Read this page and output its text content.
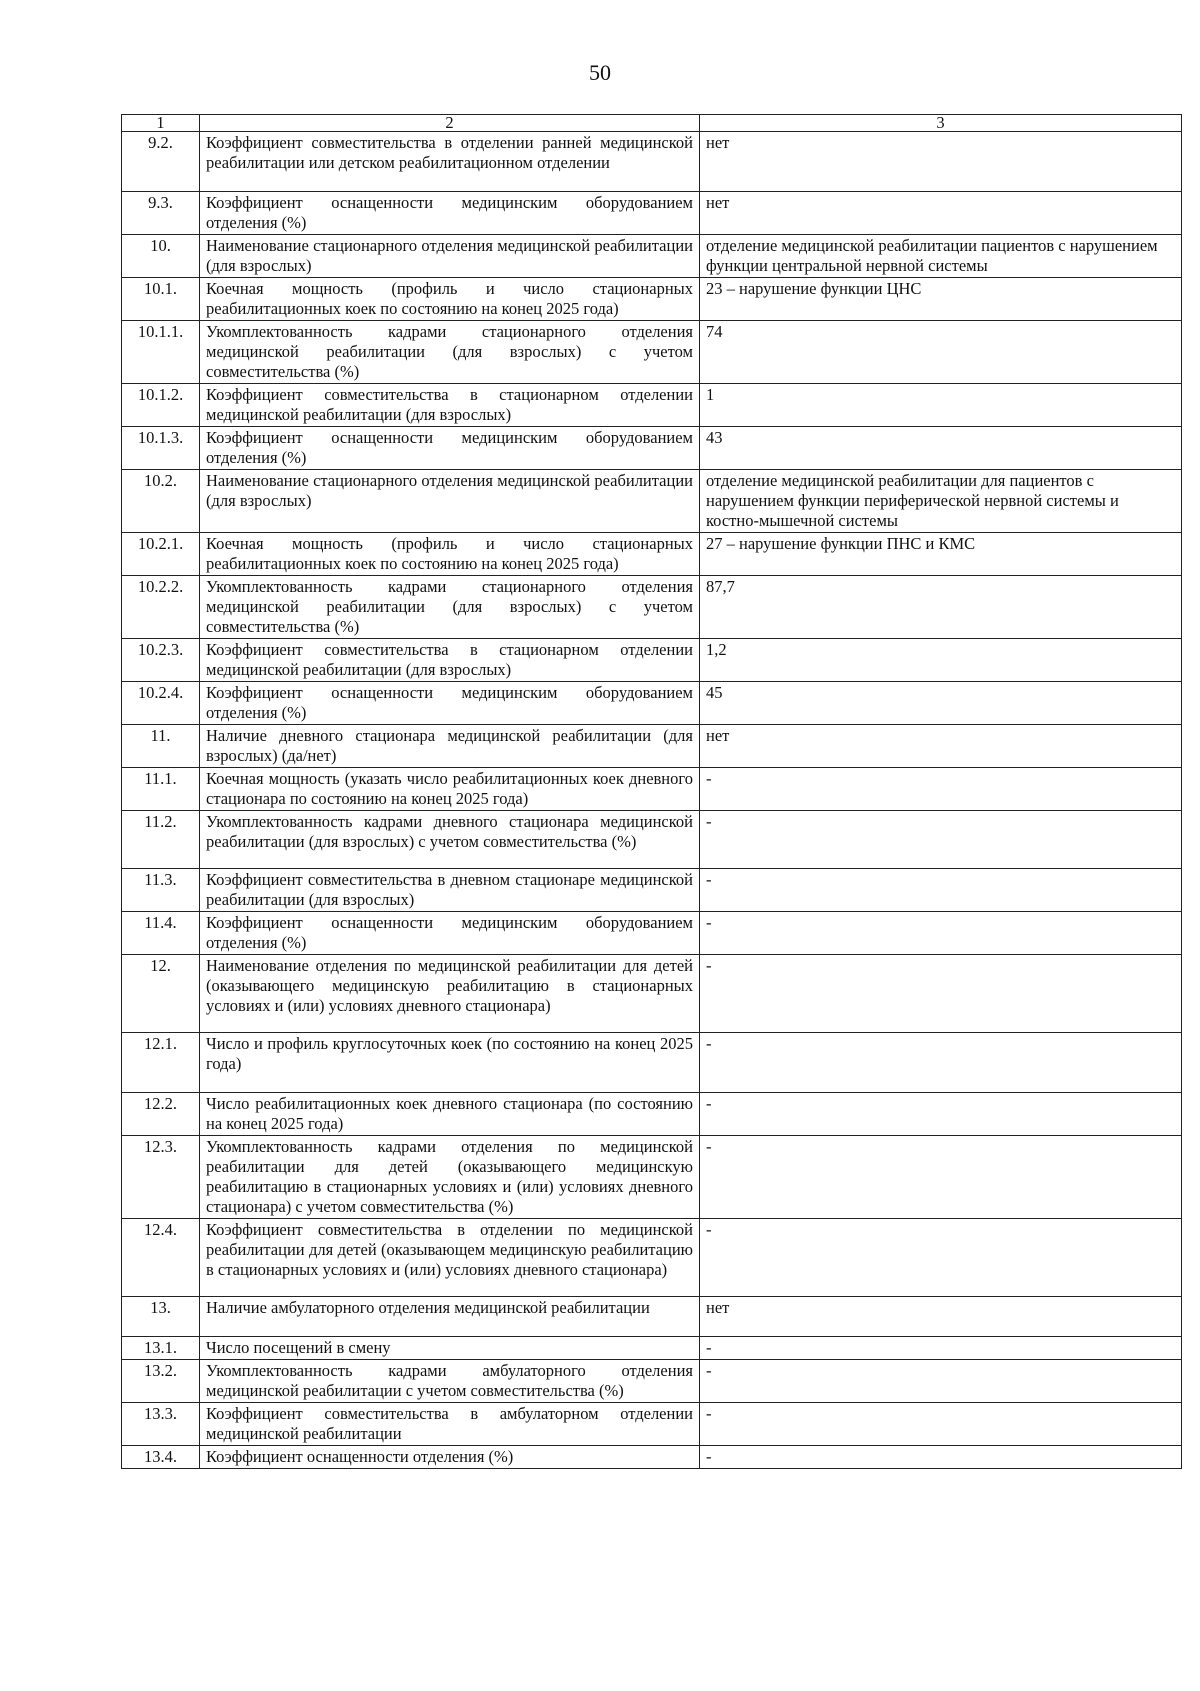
50
1	2	3
9.2.	Коэффициент совместительства в отделении ранней медицинской реабилитации или детском реабилитационном отделении	нет
9.3.	Коэффициент оснащенности медицинским оборудованием отделения (%)	нет
10.	Наименование стационарного отделения медицинской реабилитации (для взрослых)	отделение медицинской реабилитации пациентов с нарушением функции центральной нервной системы
10.1.	Коечная мощность (профиль и число стационарных реабилитационных коек по состоянию на конец 2025 года)	23 – нарушение функции ЦНС
10.1.1.	Укомплектованность кадрами стационарного отделения медицинской реабилитации (для взрослых) с учетом совместительства (%)	74
10.1.2.	Коэффициент совместительства в стационарном отделении медицинской реабилитации (для взрослых)	1
10.1.3.	Коэффициент оснащенности медицинским оборудованием отделения (%)	43
10.2.	Наименование стационарного отделения медицинской реабилитации (для взрослых)	отделение медицинской реабилитации для пациентов с нарушением функции периферической нервной системы и костно-мышечной системы
10.2.1.	Коечная мощность (профиль и число стационарных реабилитационных коек по состоянию на конец 2025 года)	27 – нарушение функции ПНС и КМС
10.2.2.	Укомплектованность кадрами стационарного отделения медицинской реабилитации (для взрослых) с учетом совместительства (%)	87,7
10.2.3.	Коэффициент совместительства в стационарном отделении медицинской реабилитации (для взрослых)	1,2
10.2.4.	Коэффициент оснащенности медицинским оборудованием отделения (%)	45
11.	Наличие дневного стационара медицинской реабилитации (для взрослых) (да/нет)	нет
11.1.	Коечная мощность (указать число реабилитационных коек дневного стационара по состоянию на конец 2025 года)	-
11.2.	Укомплектованность кадрами дневного стационара медицинской реабилитации (для взрослых) с учетом совместительства (%)	-
11.3.	Коэффициент совместительства в дневном стационаре медицинской реабилитации (для взрослых)	-
11.4.	Коэффициент оснащенности медицинским оборудованием отделения (%)	-
12.	Наименование отделения по медицинской реабилитации для детей (оказывающего медицинскую реабилитацию в стационарных условиях и (или) условиях дневного стационара)	-
12.1.	Число и профиль круглосуточных коек (по состоянию на конец 2025 года)	-
12.2.	Число реабилитационных коек дневного стационара (по состоянию на конец 2025 года)	-
12.3.	Укомплектованность кадрами отделения по медицинской реабилитации для детей (оказывающего медицинскую реабилитацию в стационарных условиях и (или) условиях дневного стационара) с учетом совместительства (%)	-
12.4.	Коэффициент совместительства в отделении по медицинской реабилитации для детей (оказывающем медицинскую реабилитацию в стационарных условиях и (или) условиях дневного стационара)	-
13.	Наличие амбулаторного отделения медицинской реабилитации	нет
13.1.	Число посещений в смену	-
13.2.	Укомплектованность кадрами амбулаторного отделения медицинской реабилитации с учетом совместительства (%)	-
13.3.	Коэффициент совместительства в амбулаторном отделении медицинской реабилитации	-
13.4.	Коэффициент оснащенности отделения (%)	-
